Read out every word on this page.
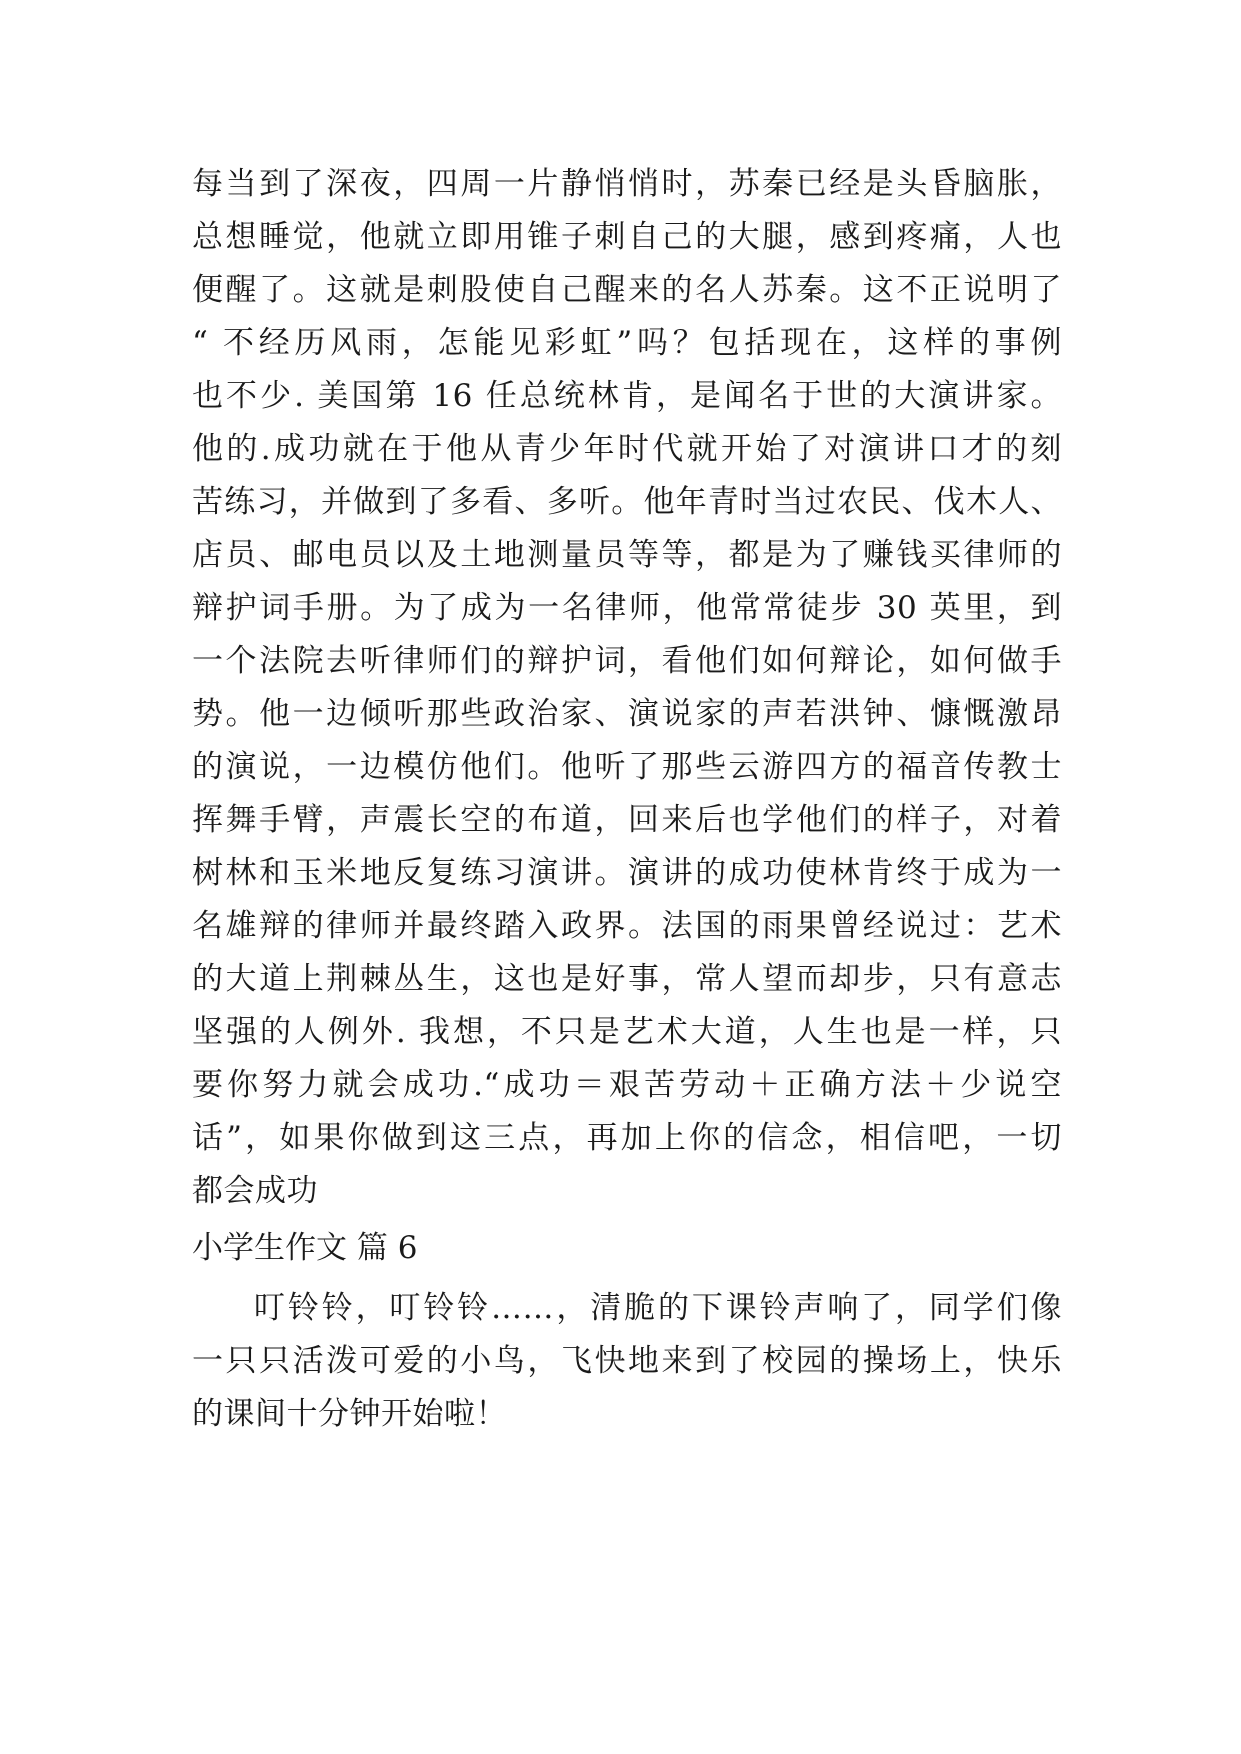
每当到了深夜，四周一片静悄悄时，苏秦已经是头昏脑胀，
总想睡觉，他就立即用锥子刺自己的大腿，感到疼痛，人也
便醒了。这就是刺股使自己醒来的名人苏秦。这不正说明了
“ 不经历风雨，怎能见彩虹”吗？包括现在，这样的事例
也不少. 美国第 16 任总统林肯，是闻名于世的大演讲家。
他的.成功就在于他从青少年时代就开始了对演讲口才的刻
苦练习，并做到了多看、多听。他年青时当过农民、伐木人、
店员、邮电员以及土地测量员等等，都是为了赚钱买律师的
辩护词手册。为了成为一名律师，他常常徒步 30 英里，到
一个法院去听律师们的辩护词，看他们如何辩论，如何做手
势。他一边倾听那些政治家、演说家的声若洪钟、慷慨激昂
的演说，一边模仿他们。他听了那些云游四方的福音传教士
挥舞手臂，声震长空的布道，回来后也学他们的样子，对着
树林和玉米地反复练习演讲。演讲的成功使林肯终于成为一
名雄辩的律师并最终踏入政界。法国的雨果曾经说过：艺术
的大道上荆棘丛生，这也是好事，常人望而却步，只有意志
坚强的人例外. 我想，不只是艺术大道，人生也是一样，只
要你努力就会成功.“成功＝艰苦劳动＋正确方法＋少说空
话”，如果你做到这三点，再加上你的信念，相信吧，一切
都会成功
小学生作文 篇 6
叮铃铃，叮铃铃……，清脆的下课铃声响了，同学们像
一只只活泼可爱的小鸟，飞快地来到了校园的操场上，快乐
的课间十分钟开始啦！
